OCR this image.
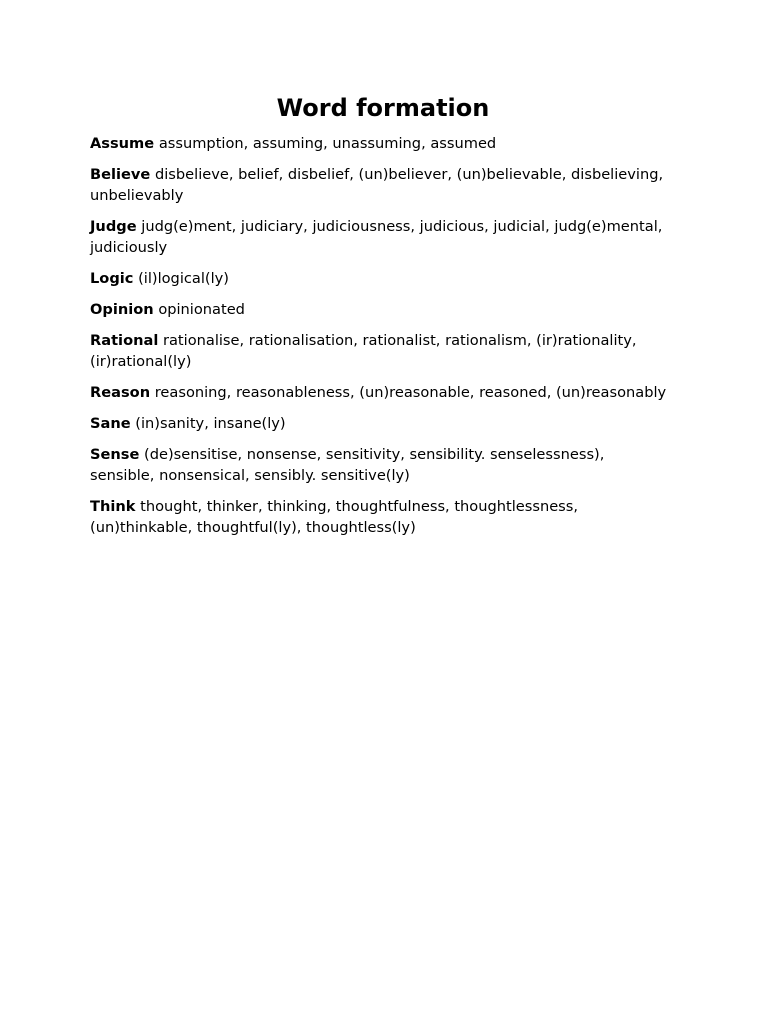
Word formation

Assume assumption, assuming, unassuming, assumed

Believe disbelieve, belief, disbelief, (un)believer, (un)believable, disbelieving, unbelievably

Judge judg(e)ment, judiciary, judiciousness, judicious, judicial, judg(e)mental, judiciously

Logic (il)logical(ly)

Opinion opinionated

Rational rationalise, rationalisation, rationalist, rationalism, (ir)rationality, (ir)rational(ly)

Reason reasoning, reasonableness, (un)reasonable, reasoned, (un)reasonably

Sane (in)sanity, insane(ly)

Sense (de)sensitise, nonsense, sensitivity, sensibility. senselessness), sensible, nonsensical, sensibly. sensitive(ly)

Think thought, thinker, thinking, thoughtfulness, thoughtlessness, (un)thinkable, thoughtful(ly), thoughtless(ly)
